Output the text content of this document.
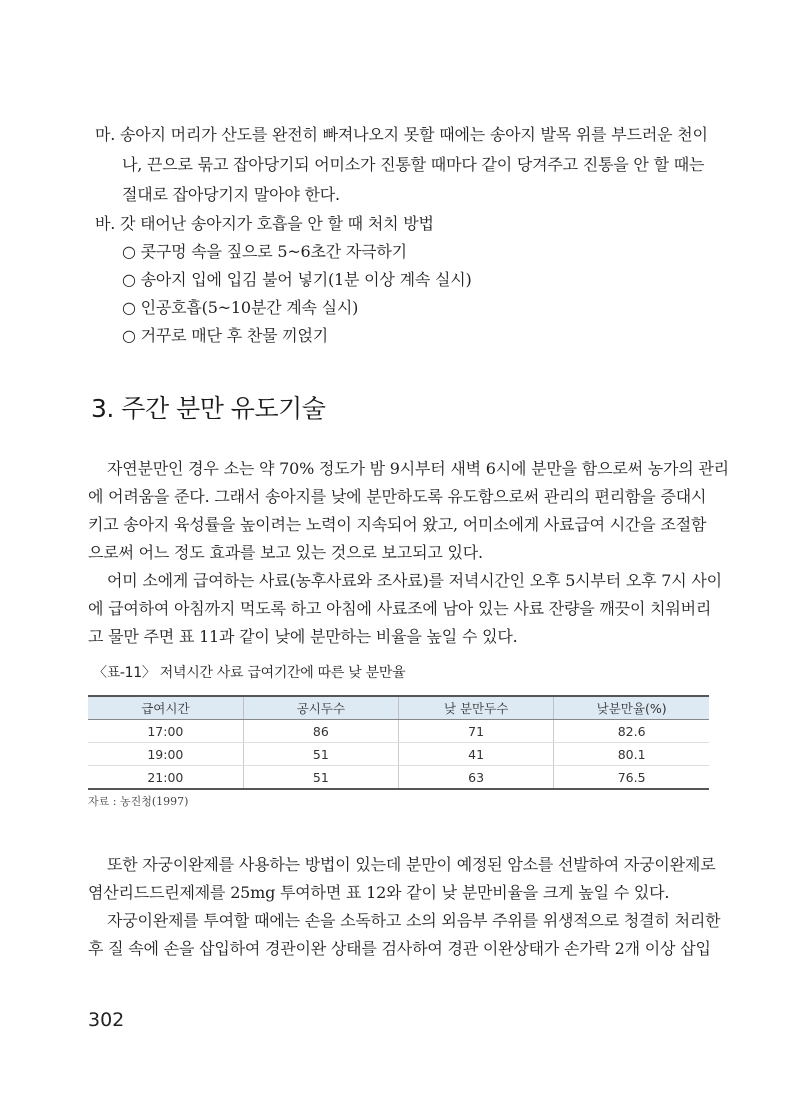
마. 송아지 머리가 산도를 완전히 빠져나오지 못할 때에는 송아지 발목 위를 부드러운 천이
나, 끈으로 묶고 잡아당기되 어미소가 진통할 때마다 같이 당겨주고 진통을 안 할 때는
절대로 잡아당기지 말아야 한다.
바. 갓 태어난 송아지가 호흡을 안 할 때 처치 방법
○ 콧구멍 속을 짚으로 5~6초간 자극하기
○ 송아지 입에 입김 불어 넣기(1분 이상 계속 실시)
○ 인공호흡(5~10분간 계속 실시)
○ 거꾸로 매단 후 찬물 끼얹기
3. 주간 분만 유도기술
자연분만인 경우 소는 약 70% 정도가 밤 9시부터 새벽 6시에 분만을 함으로써 농가의 관리
에 어려움을 준다. 그래서 송아지를 낮에 분만하도록 유도함으로써 관리의 편리함을 증대시
키고 송아지 육성률을 높이려는 노력이 지속되어 왔고, 어미소에게 사료급여 시간을 조절함
으로써 어느 정도 효과를 보고 있는 것으로 보고되고 있다.
어미 소에게 급여하는 사료(농후사료와 조사료)를 저녁시간인 오후 5시부터 오후 7시 사이
에 급여하여 아침까지 먹도록 하고 아침에 사료조에 남아 있는 사료 잔량을 깨끗이 치워버리
고 물만 주면 표 11과 같이 낮에 분만하는 비율을 높일 수 있다.
〈표-11〉 저녁시간 사료 급여기간에 따른 낮 분만율
급여시간	공시두수	낮 분만두수	낮분만율(%)
17:00	86	71	82.6
19:00	51	41	80.1
21:00	51	63	76.5
자료 : 농진청(1997)
또한 자궁이완제를 사용하는 방법이 있는데 분만이 예정된 암소를 선발하여 자궁이완제로
염산리드드린제제를 25mg 투여하면 표 12와 같이 낮 분만비율을 크게 높일 수 있다.
자궁이완제를 투여할 때에는 손을 소독하고 소의 외음부 주위를 위생적으로 청결히 처리한
후 질 속에 손을 삽입하여 경관이완 상태를 검사하여 경관 이완상태가 손가락 2개 이상 삽입
302
